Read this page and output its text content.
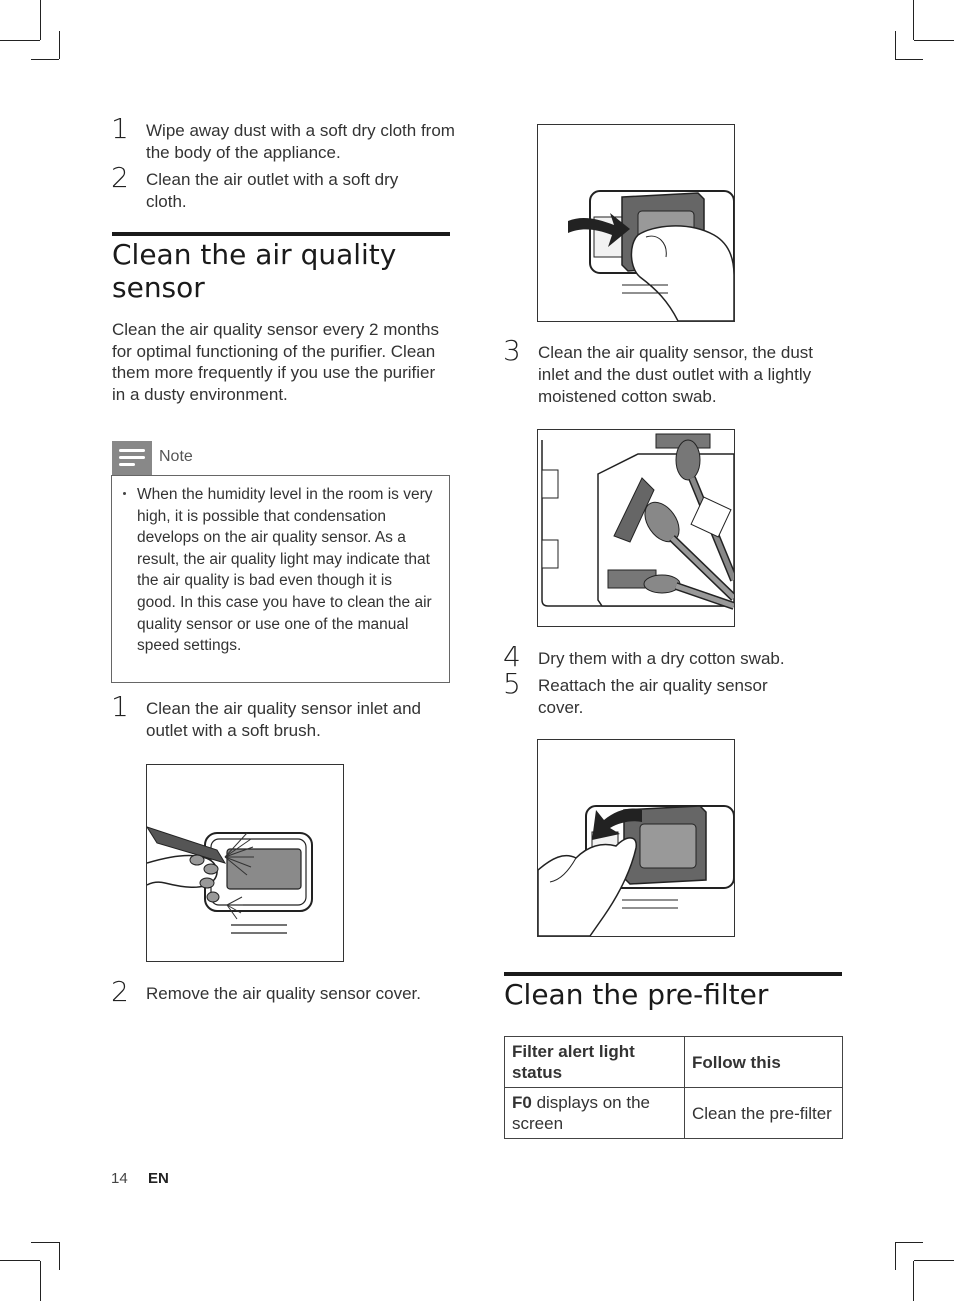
1 Wipe away dust with a soft dry cloth from the body of the appliance.
2 Clean the air outlet with a soft dry cloth.
Clean the air quality sensor
Clean the air quality sensor every 2 months for optimal functioning of the purifier. Clean them more frequently if you use the purifier in a dusty environment.
Note
When the humidity level in the room is very high, it is possible that condensation develops on the air quality sensor. As a result, the air quality light may indicate that the air quality is bad even though it is good. In this case you have to clean the air quality sensor or use one of the manual speed settings.
1 Clean the air quality sensor inlet and outlet with a soft brush.
2 Remove the air quality sensor cover.
14 EN
3 Clean the air quality sensor, the dust inlet and the dust outlet with a lightly moistened cotton swab.
4 Dry them with a dry cotton swab.
5 Reattach the air quality sensor cover.
Clean the pre-filter
Filter alert light status	Follow this
F0 displays on the screen	Clean the pre-filter
